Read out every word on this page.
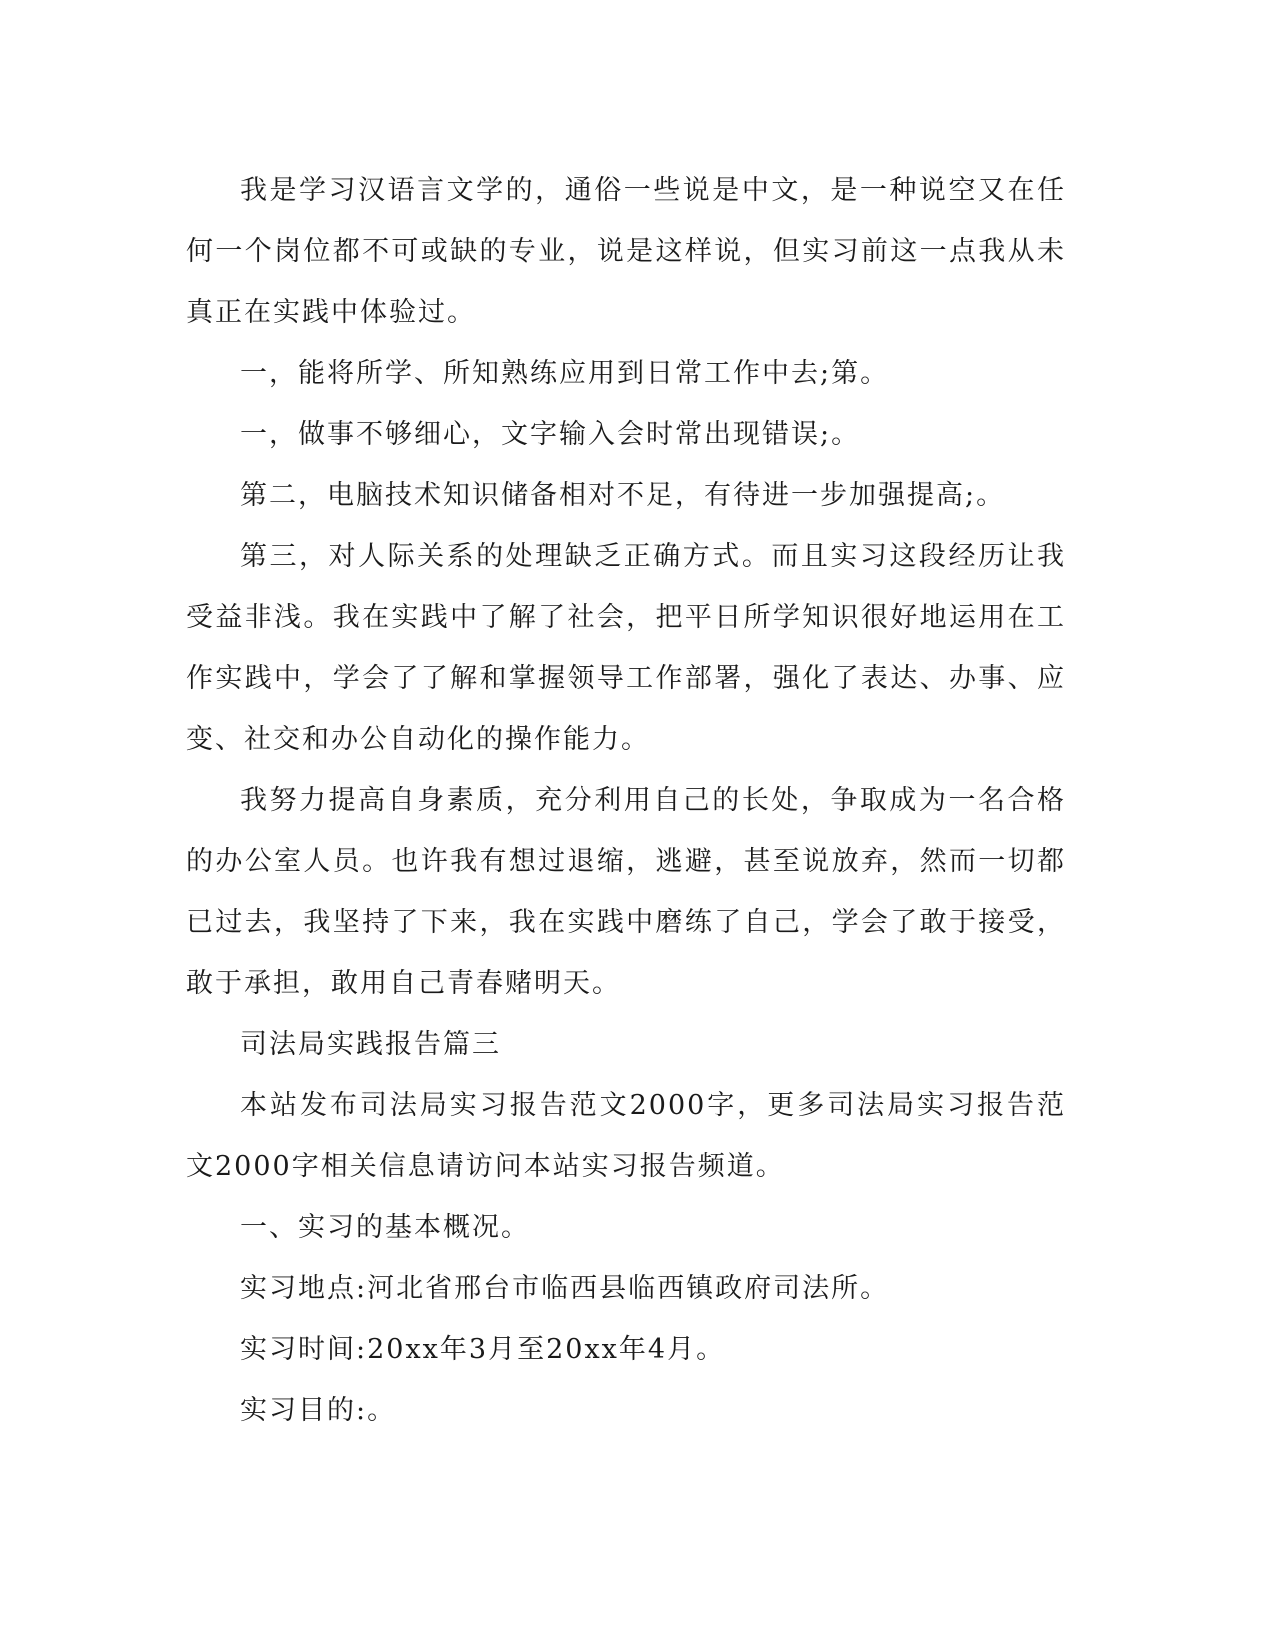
我是学习汉语言文学的，通俗一些说是中文，是一种说空又在任何一个岗位都不可或缺的专业，说是这样说，但实习前这一点我从未真正在实践中体验过。

一，能将所学、所知熟练应用到日常工作中去;第。

一，做事不够细心，文字输入会时常出现错误;。

第二，电脑技术知识储备相对不足，有待进一步加强提高;。

第三，对人际关系的处理缺乏正确方式。而且实习这段经历让我受益非浅。我在实践中了解了社会，把平日所学知识很好地运用在工作实践中，学会了了解和掌握领导工作部署，强化了表达、办事、应变、社交和办公自动化的操作能力。

我努力提高自身素质，充分利用自己的长处，争取成为一名合格的办公室人员。也许我有想过退缩，逃避，甚至说放弃，然而一切都已过去，我坚持了下来，我在实践中磨练了自己，学会了敢于接受，敢于承担，敢用自己青春赌明天。

司法局实践报告篇三

本站发布司法局实习报告范文2000字，更多司法局实习报告范文2000字相关信息请访问本站实习报告频道。

一、实习的基本概况。

实习地点:河北省邢台市临西县临西镇政府司法所。

实习时间:20xx年3月至20xx年4月。

实习目的:。
